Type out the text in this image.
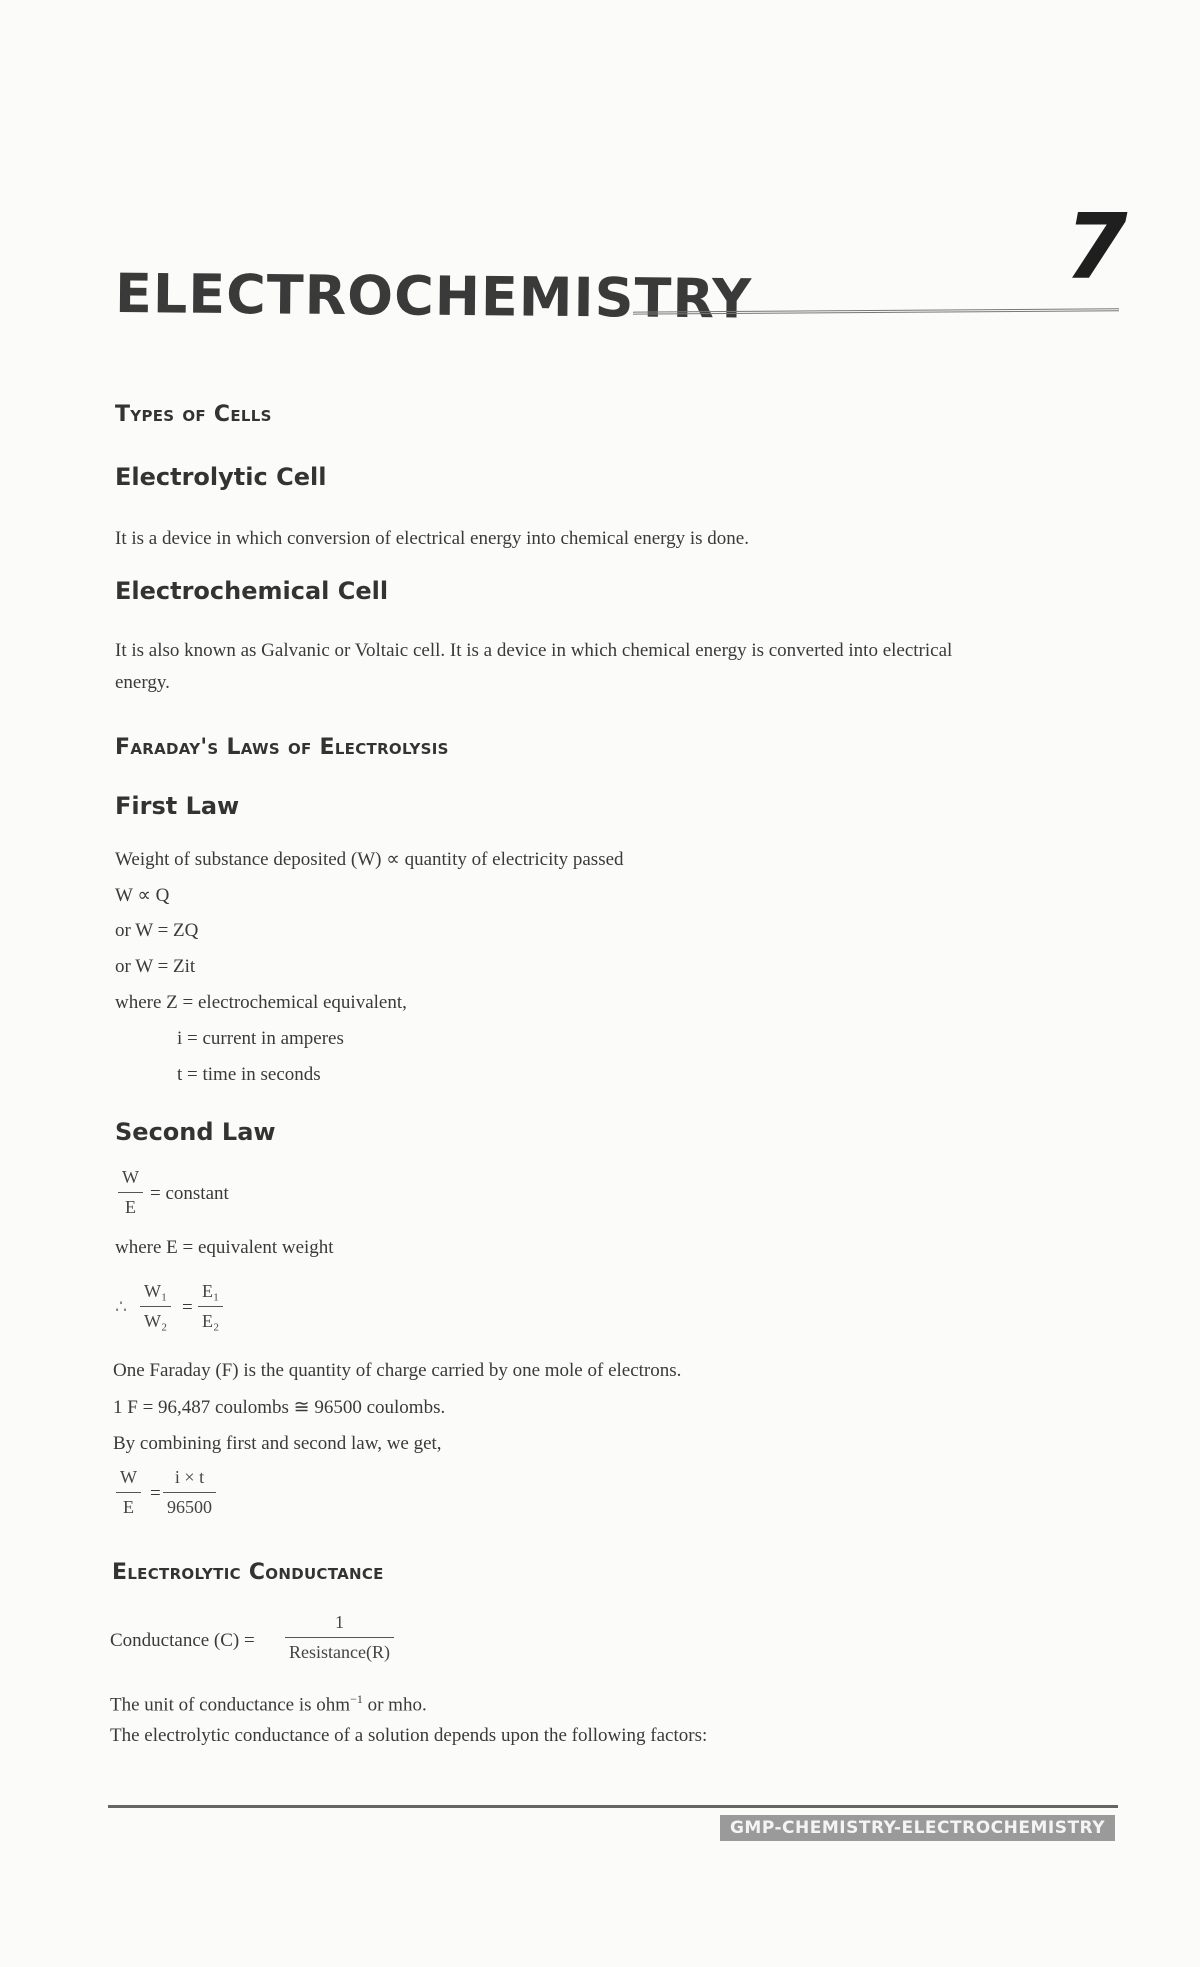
ELECTROCHEMISTRY	7
Types of Cells
Electrolytic Cell
It is a device in which conversion of electrical energy into chemical energy is done.
Electrochemical Cell
It is also known as Galvanic or Voltaic cell. It is a device in which chemical energy is converted into electrical
energy.
Faraday's Laws of Electrolysis
First Law
Weight of substance deposited (W) ∝ quantity of electricity passed
W ∝ Q
or W = ZQ
or W = Zit
where Z = electrochemical equivalent,
i = current in amperes
t = time in seconds
Second Law
W
E
= constant
where E = equivalent weight
∴
W₁
W₂
=
E₁
E₂
One Faraday (F) is the quantity of charge carried by one mole of electrons.
1 F = 96,487 coulombs ≅ 96500 coulombs.
By combining first and second law, we get,
W
E
=
i × t
96500
Electrolytic Conductance
Conductance (C) =
1
Resistance(R)
The unit of conductance is ohm$^{-1}$ or mho.
The electrolytic conductance of a solution depends upon the following factors:
GMP-CHEMISTRY-ELECTROCHEMISTRY
